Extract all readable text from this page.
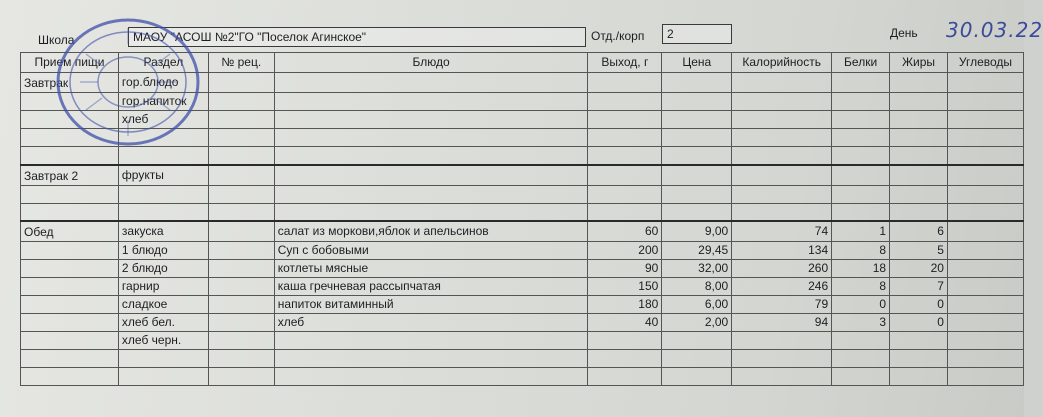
Школа	МАОУ "АСОШ №2"ГО "Поселок Агинское"	Отд./корп	2	День 30.03.22
Прием пищи	Раздел	№ рец.	Блюдо	Выход, г	Цена	Калорийность	Белки	Жиры	Углеводы
Завтрак	гор.блюдо								
	гор.напиток								
	хлеб								

Завтрак 2	фрукты								

Обед	закуска		салат из моркови,яблок и апельсинов	60	9,00	74	1	6	
	1 блюдо		Суп с бобовыми	200	29,45	134	8	5	
	2 блюдо		котлеты мясные	90	32,00	260	18	20	
	гарнир		каша гречневая рассыпчатая	150	8,00	246	8	7	
	сладкое		напиток витаминный	180	6,00	79	0	0	
	хлеб бел.		хлеб	40	2,00	94	3	0	
	хлеб черн.								
